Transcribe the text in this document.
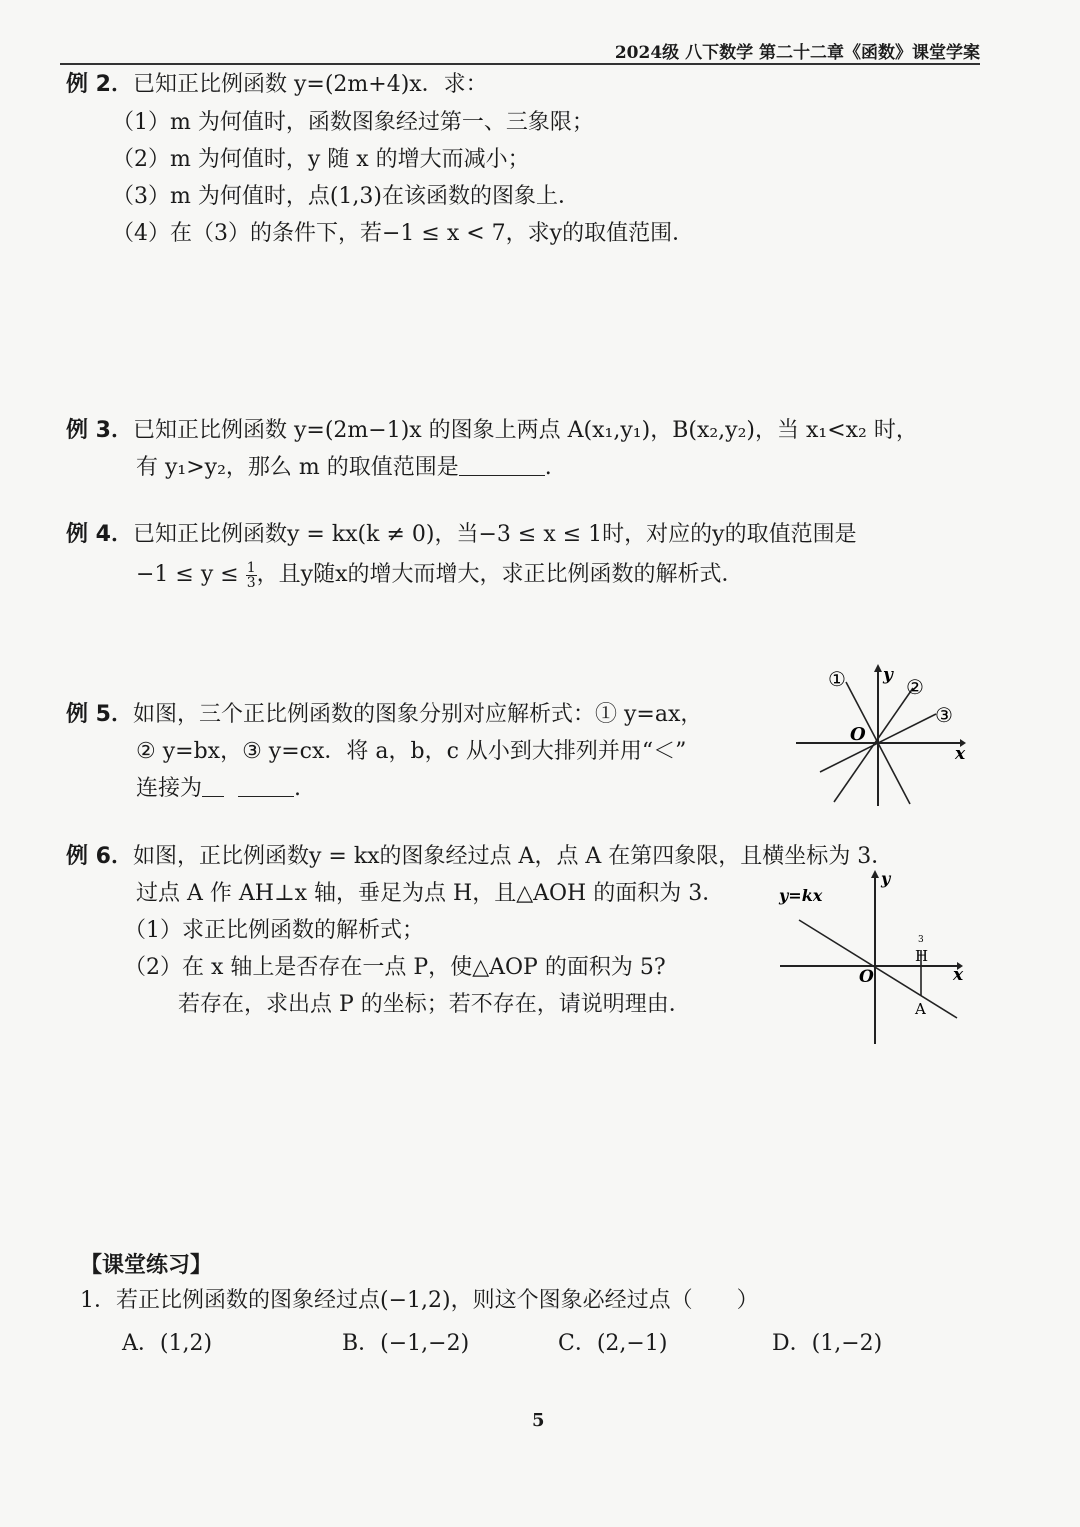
2024级 八下数学 第二十二章《函数》课堂学案
例 2．已知正比例函数 y=(2m+4)x．求：
（1）m 为何值时，函数图象经过第一、三象限；
（2）m 为何值时，y 随 x 的增大而减小；
（3）m 为何值时，点(1,3)在该函数的图象上．
（4）在（3）的条件下，若−1 ≤ x < 7，求y的取值范围．
例 3．已知正比例函数 y=(2m−1)x 的图象上两点 A(x₁,y₁)，B(x₂,y₂)，当 x₁<x₂ 时，
有 y₁>y₂，那么 m 的取值范围是	.
例 4．已知正比例函数y = kx(k ≠ 0)，当−3 ≤ x ≤ 1时，对应的y的取值范围是
$-1 \le y \le \frac{1}{3}$ ，且y随x的增大而增大，求正比例函数的解析式．
例 5．如图，三个正比例函数的图象分别对应解析式：① y=ax，
② y=bx，③ y=cx．将 a，b，c 从小到大排列并用“＜”
连接为	.
x
y
O
①	②
③
例 6．如图，正比例函数y = kx的图象经过点 A，点 A 在第四象限，且横坐标为 3．
过点 A 作 AH⊥x 轴，垂足为点 H，且△AOH 的面积为 3．
（1）求正比例函数的解析式；
（2）在 x 轴上是否存在一点 P，使△AOP 的面积为 5?
若存在，求出点 P 的坐标；若不存在，请说明理由．
y=kx
y
x
O
H
3
A
【课堂练习】
1．若正比例函数的图象经过点(−1,2)，则这个图象必经过点（　　）
A．(1,2)	B．(−1,−2)	C．(2,−1)	D．(1,−2)
5
